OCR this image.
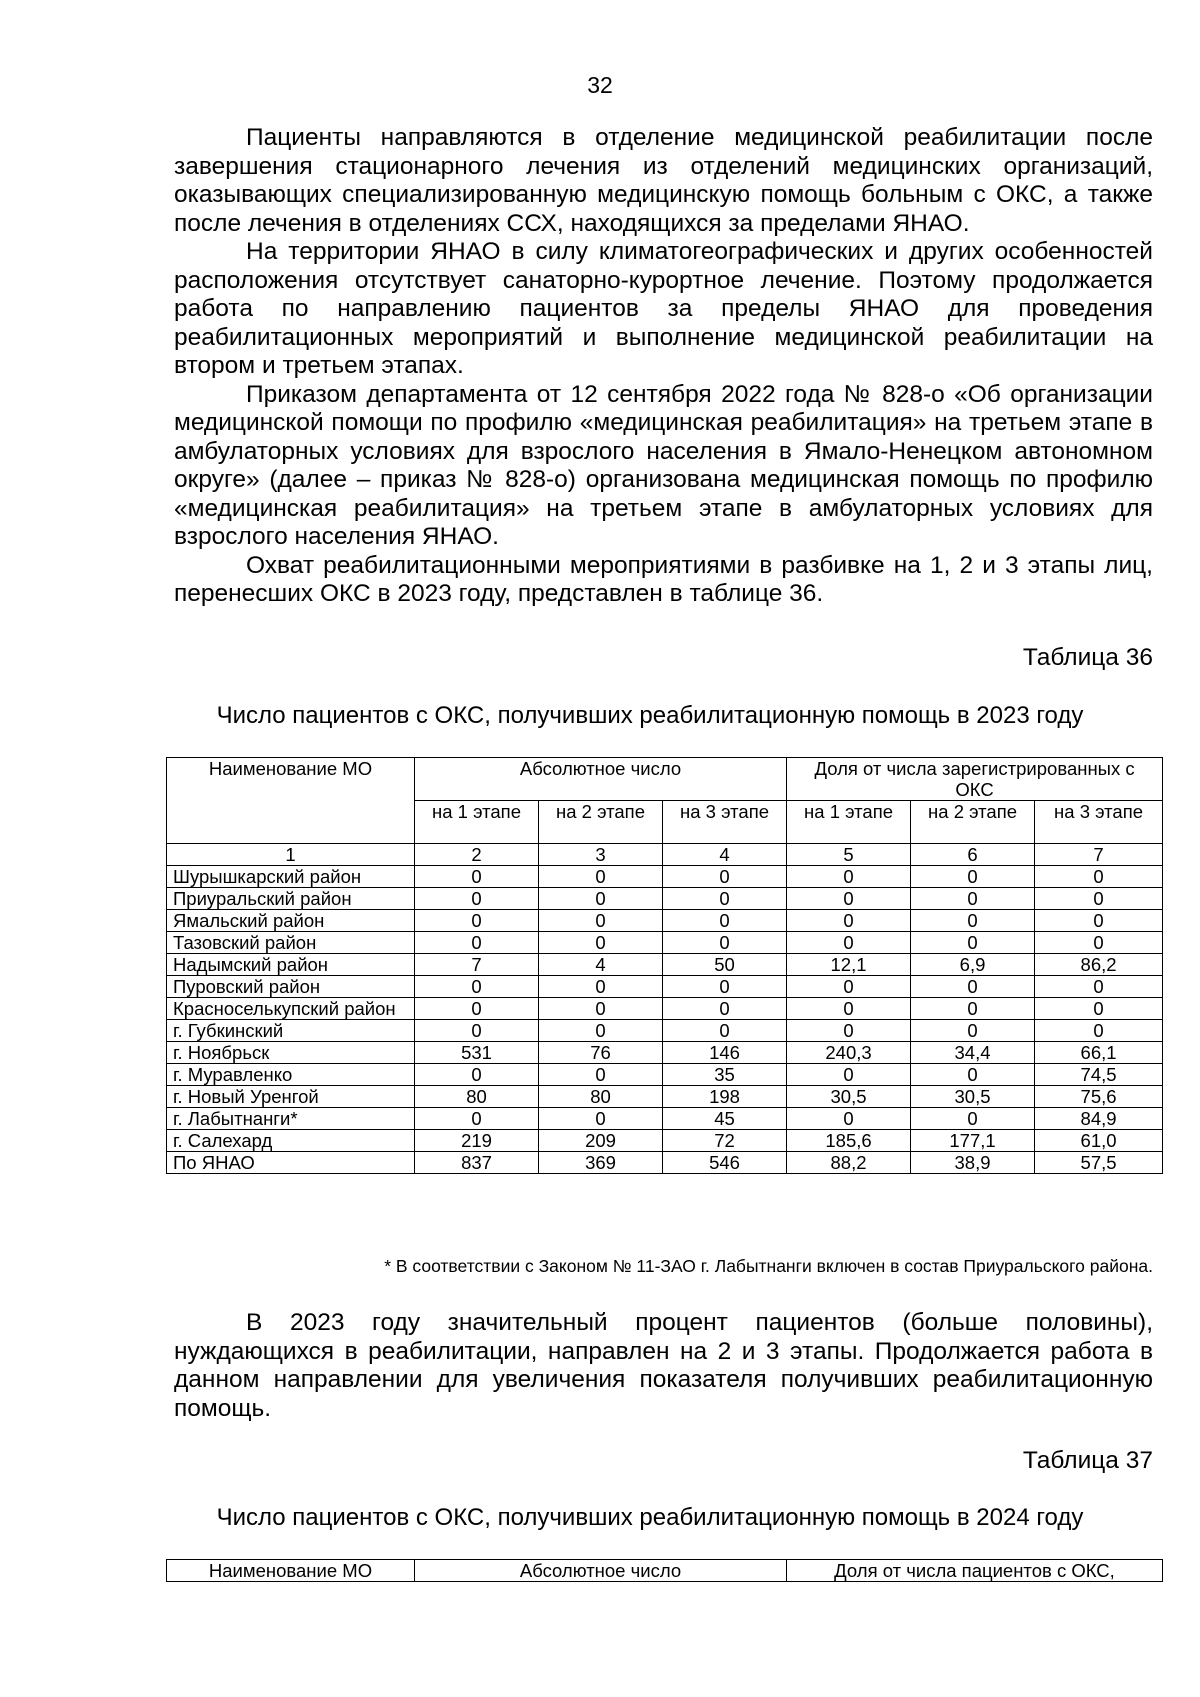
32

Пациенты направляются в отделение медицинской реабилитации после завершения стационарного лечения из отделений медицинских организаций, оказывающих специализированную медицинскую помощь больным с ОКС, а также после лечения в отделениях ССХ, находящихся за пределами ЯНАО.

На территории ЯНАО в силу климатогеографических и других особенностей расположения отсутствует санаторно-курортное лечение. Поэтому продолжается работа по направлению пациентов за пределы ЯНАО для проведения реабилитационных мероприятий и выполнение медицинской реабилитации на втором и третьем этапах.

Приказом департамента от 12 сентября 2022 года № 828-о «Об организации медицинской помощи по профилю «медицинская реабилитация» на третьем этапе в амбулаторных условиях для взрослого населения в Ямало-Ненецком автономном округе» (далее – приказ № 828-о) организована медицинская помощь по профилю «медицинская реабилитация» на третьем этапе в амбулаторных условиях для взрослого населения ЯНАО.

Охват реабилитационными мероприятиями в разбивке на 1, 2 и 3 этапы лиц, перенесших ОКС в 2023 году, представлен в таблице 36.

Таблица 36
Число пациентов с ОКС, получивших реабилитационную помощь в 2023 году
Наименование МО	Абсолютное число			Доля от числа зарегистрированных с ОКС		
	на 1 этапе	на 2 этапе	на 3 этапе	на 1 этапе	на 2 этапе	на 3 этапе
1	2	3	4	5	6	7
Шурышкарский район	0	0	0	0	0	0
Приуральский район	0	0	0	0	0	0
Ямальский район	0	0	0	0	0	0
Тазовский район	0	0	0	0	0	0
Надымский район	7	4	50	12,1	6,9	86,2
Пуровский район	0	0	0	0	0	0
Красноселькупский район	0	0	0	0	0	0
г. Губкинский	0	0	0	0	0	0
г. Ноябрьск	531	76	146	240,3	34,4	66,1
г. Муравленко	0	0	35	0	0	74,5
г. Новый Уренгой	80	80	198	30,5	30,5	75,6
г. Лабытнанги*	0	0	45	0	0	84,9
г. Салехард	219	209	72	185,6	177,1	61,0
По ЯНАО	837	369	546	88,2	38,9	57,5
* В соответствии с Законом № 11-ЗАО г. Лабытнанги включен в состав Приуральского района.

В 2023 году значительный процент пациентов (больше половины), нуждающихся в реабилитации, направлен на 2 и 3 этапы. Продолжается работа в данном направлении для увеличения показателя получивших реабилитационную помощь.

Таблица 37
Число пациентов с ОКС, получивших реабилитационную помощь в 2024 году
Наименование МО	Абсолютное число	Доля от числа пациентов с ОКС,
